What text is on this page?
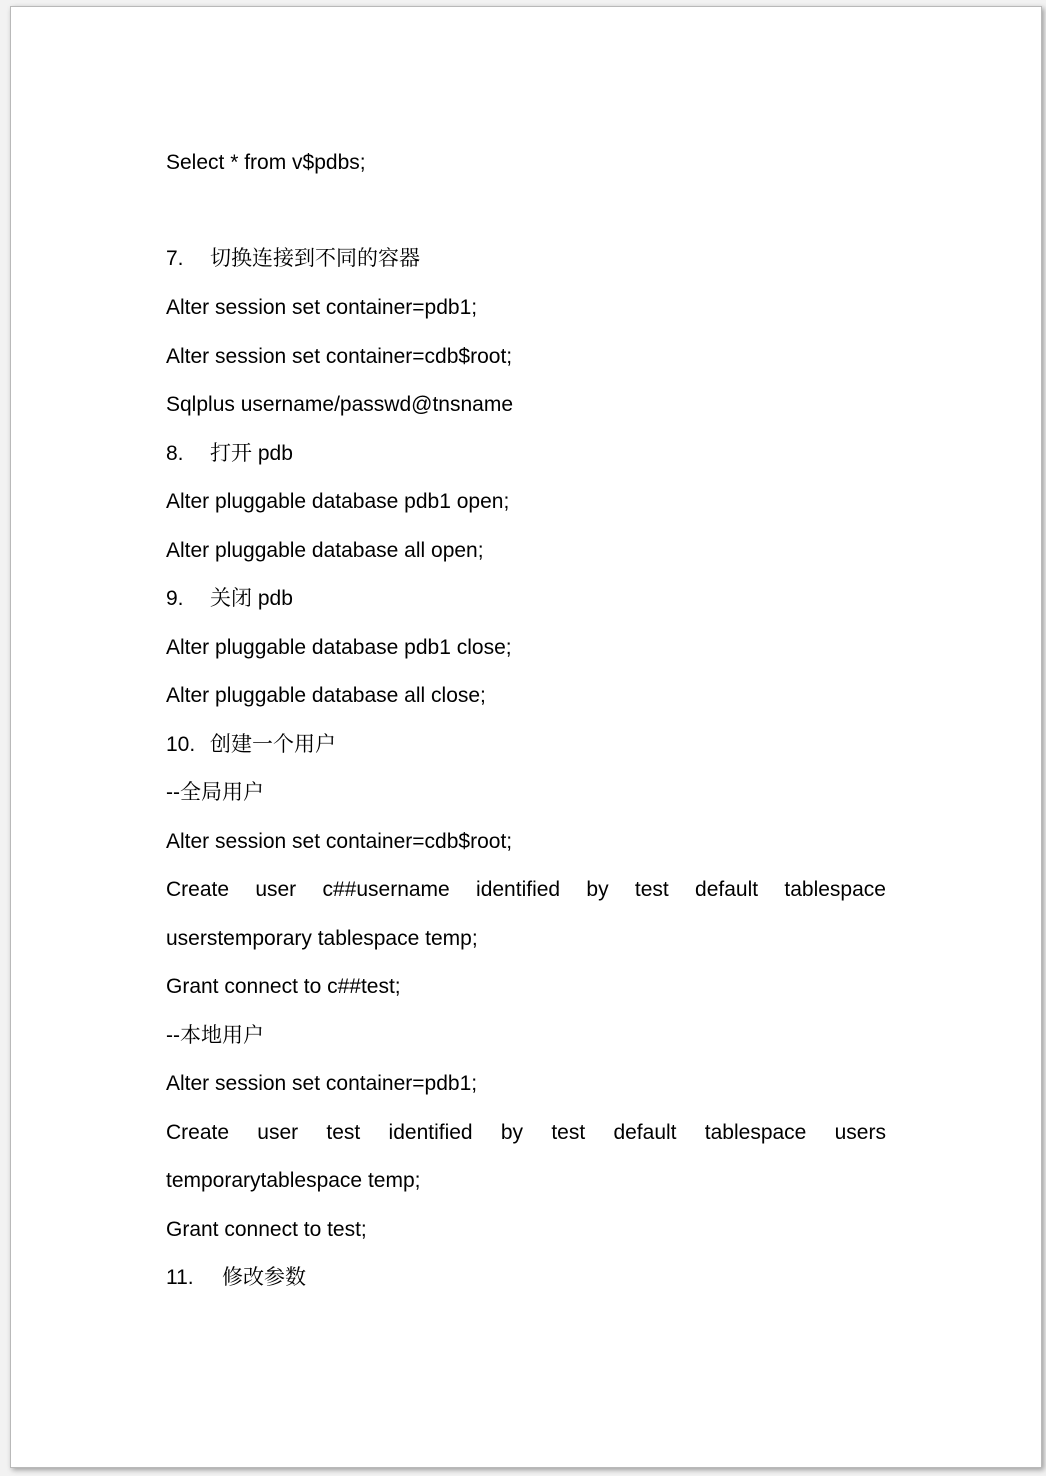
Select * from v$pdbs;
7. 切换连接到不同的容器
Alter session set container=pdb1;
Alter session set container=cdb$root;
Sqlplus username/passwd@tnsname
8. 打开 pdb
Alter pluggable database pdb1 open;
Alter pluggable database all open;
9. 关闭 pdb
Alter pluggable database pdb1 close;
Alter pluggable database all close;
10. 创建一个用户
--全局用户
Alter session set container=cdb$root;
Create user c##username identified by test default tablespace
userstemporary tablespace temp;
Grant connect to c##test;
--本地用户
Alter session set container=pdb1;
Create user test identified by test default tablespace users
temporarytablespace temp;
Grant connect to test;
11. 修改参数
